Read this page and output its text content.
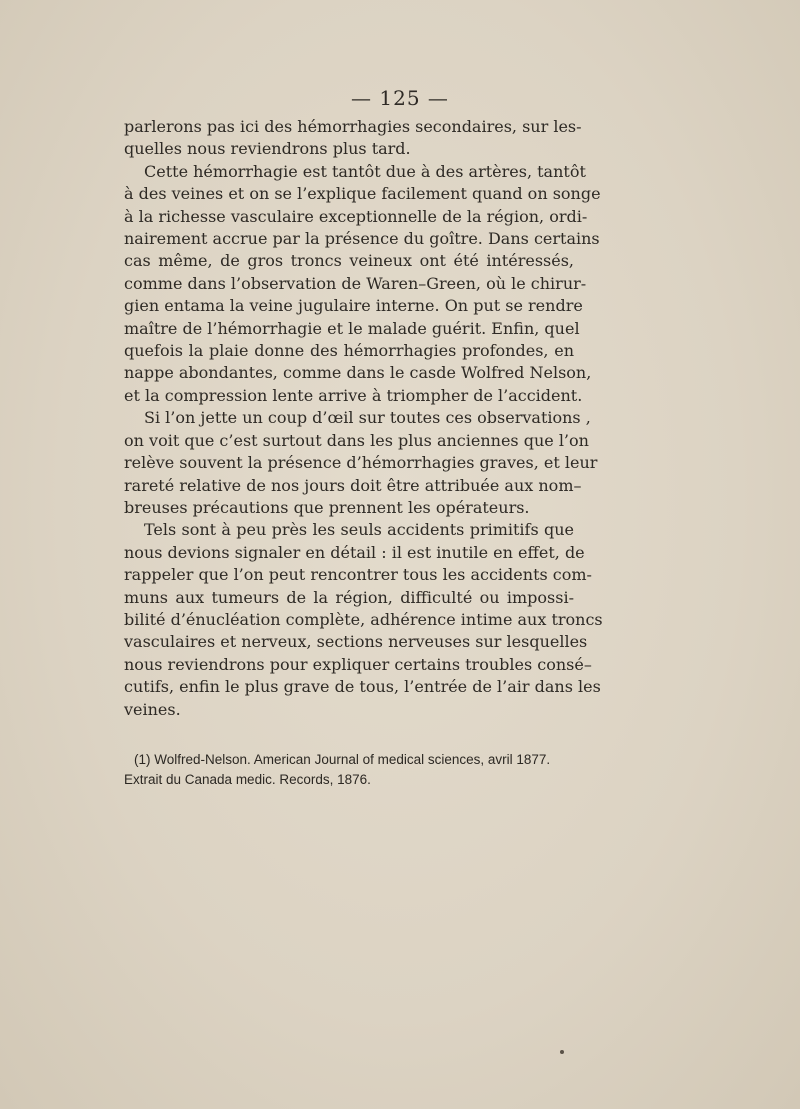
— 125 —

parlerons pas ici des hémorrhagies secondaires, sur les-
quelles nous reviendrons plus tard.

Cette hémorrhagie est tantôt due à des artères, tantôt
à des veines et on se l’explique facilement quand on songe
à la richesse vasculaire exceptionnelle de la région, ordi-
nairement accrue par la présence du goître. Dans certains
cas même, de gros troncs veineux ont été intéressés,
comme dans l’observation de Waren–Green, où le chirur-
gien entama la veine jugulaire interne. On put se rendre
maître de l’hémorrhagie et le malade guérit. Enfin, quel
quefois la plaie donne des hémorrhagies profondes, en
nappe abondantes, comme dans le casde Wolfred Nelson,
et la compression lente arrive à triompher de l’accident.

Si l’on jette un coup d’œil sur toutes ces observations ,
on voit que c’est surtout dans les plus anciennes que l’on
relève souvent la présence d’hémorrhagies graves, et leur
rareté relative de nos jours doit être attribuée aux nom–
breuses précautions que prennent les opérateurs.

Tels sont à peu près les seuls accidents primitifs que
nous devions signaler en détail : il est inutile en effet, de
rappeler que l’on peut rencontrer tous les accidents com-
muns aux tumeurs de la région, difficulté ou impossi-
bilité d’énucléation complète, adhérence intime aux troncs
vasculaires et nerveux, sections nerveuses sur lesquelles
nous reviendrons pour expliquer certains troubles consé–
cutifs, enfin le plus grave de tous, l’entrée de l’air dans les
veines.

(1) Wolfred-Nelson. American Journal of medical sciences, avril 1877.
Extrait du Canada medic. Records, 1876.
